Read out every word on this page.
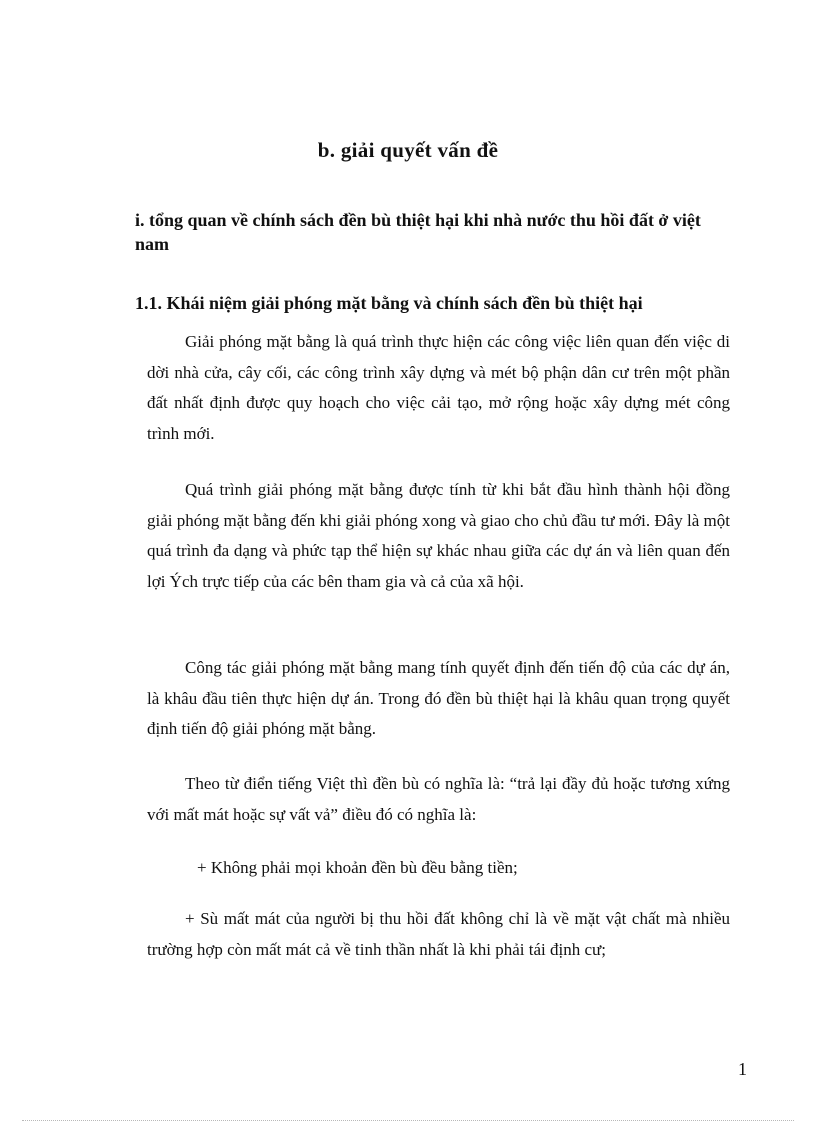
b. giải quyết vấn đề
i. tổng quan về chính sách đền bù thiệt hại khi nhà nước thu hồi đất ở việt nam
1.1. Khái niệm giải phóng mặt bằng và chính sách đền bù thiệt hại

Giải phóng mặt bằng là quá trình thực hiện các công việc liên quan đến việc di dời nhà cửa, cây cối, các công trình xây dựng và mét bộ phận dân cư trên một phần đất nhất định được quy hoạch cho việc cải tạo, mở rộng hoặc xây dựng mét công trình mới.

Quá trình giải phóng mặt bằng được tính từ khi bắt đầu hình thành hội đồng giải phóng mặt bằng đến khi giải phóng xong và giao cho chủ đầu tư mới. Đây là một quá trình đa dạng và phức tạp thể hiện sự khác nhau giữa các dự án và liên quan đến lợi Ých trực tiếp của các bên tham gia và cả của xã hội.

Công tác giải phóng mặt bằng mang tính quyết định đến tiến độ của các dự án, là khâu đầu tiên thực hiện dự án. Trong đó đền bù thiệt hại là khâu quan trọng quyết định tiến độ giải phóng mặt bằng.

Theo từ điển tiếng Việt thì đền bù có nghĩa là: “trả lại đầy đủ hoặc tương xứng với mất mát hoặc sự vất vả” điều đó có nghĩa là:

+ Không phải mọi khoản đền bù đều bằng tiền;

+ Sù mất mát của người bị thu hồi đất không chỉ là về mặt vật chất mà nhiều trường hợp còn mất mát cả về tinh thần nhất là khi phải tái định cư;

1
